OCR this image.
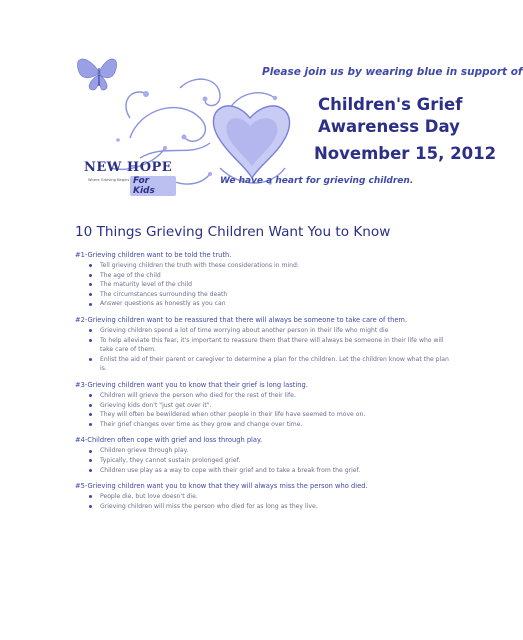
Please join us by wearing blue in support of
Children's Grief
Awareness Day
November 15, 2012
NEW HOPE
Where Grieving Begins For Kids
We have a heart for grieving children.
10 Things Grieving Children Want You to Know
#1-Grieving children want to be told the truth.
Tell grieving children the truth with these considerations in mind:
The age of the child
The maturity level of the child
The circumstances surrounding the death
Answer questions as honestly as you can
#2-Grieving children want to be reassured that there will always be someone to take care of them.
Grieving children spend a lot of time worrying about another person in their life who might die
To help alleviate this fear, it's important to reassure them that there will always be someone in their life who will take care of them.
Enlist the aid of their parent or caregiver to determine a plan for the children. Let the children know what the plan is.
#3-Grieving children want you to know that their grief is long lasting.
Children will grieve the person who died for the rest of their life.
Grieving kids don't "just get over it".
They will often be bewildered when other people in their life have seemed to move on.
Their grief changes over time as they grow and change over time.
#4-Children often cope with grief and loss through play.
Children grieve through play.
Typically, they cannot sustain prolonged grief.
Children use play as a way to cope with their grief and to take a break from the grief.
#5-Grieving children want you to know that they will always miss the person who died.
People die, but love doesn't die.
Grieving children will miss the person who died for as long as they live.
